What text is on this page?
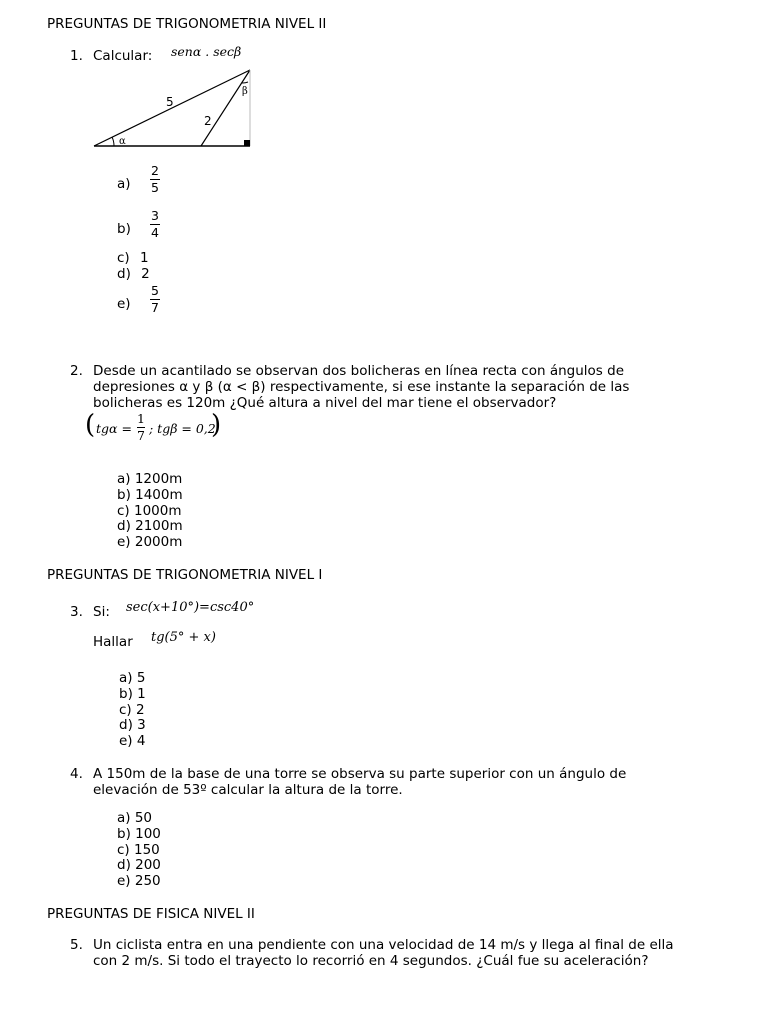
PREGUNTAS DE TRIGONOMETRIA NIVEL II
1. Calcular: senα . secβ
5
2
α
β
a)
2
5
b)
3
4
c) 1
d) 2
e)
5
7
2. Desde un acantilado se observan dos bolicheras en línea recta con ángulos de
depresiones α y β (α < β) respectivamente, si ese instante la separación de las
bolicheras es 120m ¿Qué altura a nivel del mar tiene el observador?
( tgα =
1
7 ; tgβ = 0,2
)
a) 1200m
b) 1400m
c) 1000m
d) 2100m
e) 2000m
PREGUNTAS DE TRIGONOMETRIA NIVEL I
3. Si: sec(x+10°)=csc40°
Hallar tg(5° + x)
a) 5
b) 1
c) 2
d) 3
e) 4
4. A 150m de la base de una torre se observa su parte superior con un ángulo de
elevación de 53º calcular la altura de la torre.
a) 50
b) 100
c) 150
d) 200
e) 250
PREGUNTAS DE FISICA NIVEL II
5. Un ciclista entra en una pendiente con una velocidad de 14 m/s y llega al final de ella
con 2 m/s. Si todo el trayecto lo recorrió en 4 segundos. ¿Cuál fue su aceleración?
